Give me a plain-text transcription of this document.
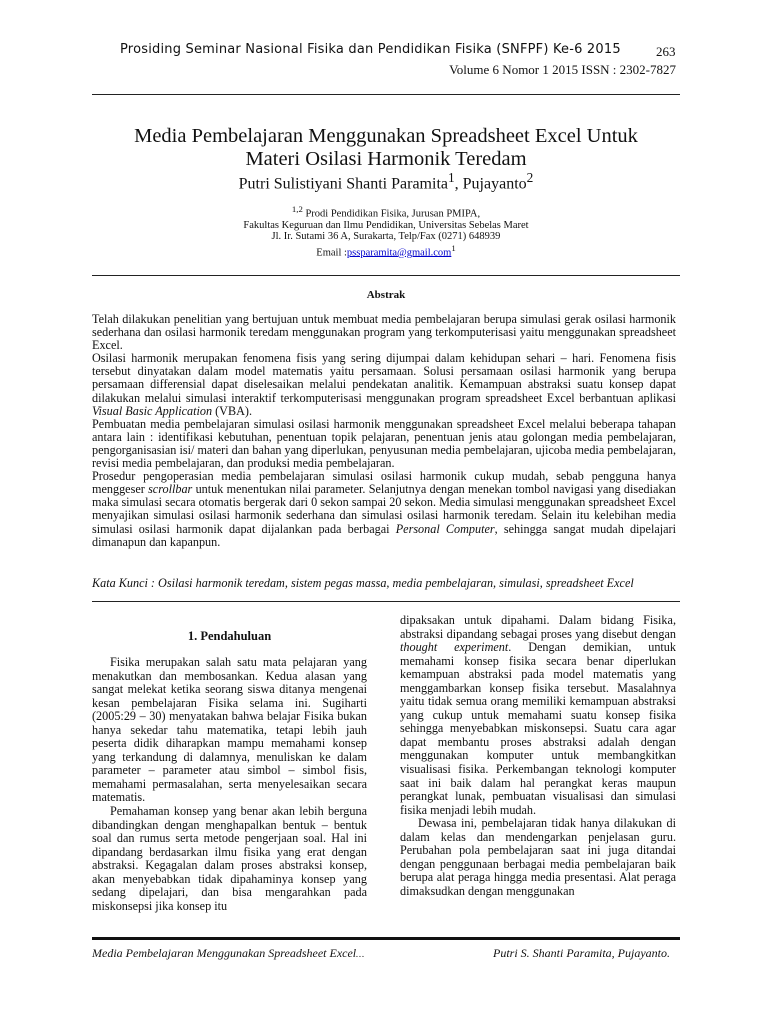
Prosiding Seminar Nasional Fisika dan Pendidikan Fisika (SNFPF) Ke-6 2015	263
Volume 6 Nomor 1 2015 ISSN : 2302-7827
Media Pembelajaran Menggunakan Spreadsheet Excel Untuk
Materi Osilasi Harmonik Teredam
Putri Sulistiyani Shanti Paramita$^1$, Pujayanto$^2$
$^{1,2}$ Prodi Pendidikan Fisika, Jurusan PMIPA,
Fakultas Keguruan dan Ilmu Pendidikan, Universitas Sebelas Maret
Jl. Ir. Sutami 36 A, Surakarta, Telp/Fax (0271) 648939
Email :pssparamita@gmail.com$^1$
Abstrak

Telah dilakukan penelitian yang bertujuan untuk membuat media pembelajaran berupa simulasi gerak osilasi harmonik sederhana dan osilasi harmonik teredam menggunakan program yang terkomputerisasi yaitu menggunakan spreadsheet Excel.

Osilasi harmonik merupakan fenomena fisis yang sering dijumpai dalam kehidupan sehari – hari. Fenomena fisis tersebut dinyatakan dalam model matematis yaitu persamaan. Solusi persamaan osilasi harmonik yang berupa persamaan differensial dapat diselesaikan melalui pendekatan analitik. Kemampuan abstraksi suatu konsep dapat dilakukan melalui simulasi interaktif terkomputerisasi menggunakan program spreadsheet Excel berbantuan aplikasi Visual Basic Application (VBA).

Pembuatan media pembelajaran simulasi osilasi harmonik menggunakan spreadsheet Excel melalui beberapa tahapan antara lain : identifikasi kebutuhan, penentuan topik pelajaran, penentuan jenis atau golongan media pembelajaran, pengorganisasian isi/ materi dan bahan yang diperlukan, penyusunan media pembelajaran, ujicoba media pembelajaran, revisi media pembelajaran, dan produksi media pembelajaran.

Prosedur pengoperasian media pembelajaran simulasi osilasi harmonik cukup mudah, sebab pengguna hanya menggeser scrollbar untuk menentukan nilai parameter. Selanjutnya dengan menekan tombol navigasi yang disediakan maka simulasi secara otomatis bergerak dari 0 sekon sampai 20 sekon. Media simulasi menggunakan spreadsheet Excel menyajikan simulasi osilasi harmonik sederhana dan simulasi osilasi harmonik teredam. Selain itu kelebihan media simulasi osilasi harmonik dapat dijalankan pada berbagai Personal Computer, sehingga sangat mudah dipelajari dimanapun dan kapanpun.

Kata Kunci : Osilasi harmonik teredam, sistem pegas massa, media pembelajaran, simulasi, spreadsheet Excel
1. Pendahuluan

Fisika merupakan salah satu mata pelajaran yang menakutkan dan membosankan. Kedua alasan yang sangat melekat ketika seorang siswa ditanya mengenai kesan pembelajaran Fisika selama ini. Sugiharti (2005:29 – 30) menyatakan bahwa belajar Fisika bukan hanya sekedar tahu matematika, tetapi lebih jauh peserta didik diharapkan mampu memahami konsep yang terkandung di dalamnya, menuliskan ke dalam parameter – parameter atau simbol – simbol fisis, memahami permasalahan, serta menyelesaikan secara matematis.

Pemahaman konsep yang benar akan lebih berguna dibandingkan dengan menghapalkan bentuk – bentuk soal dan rumus serta metode pengerjaan soal. Hal ini dipandang berdasarkan ilmu fisika yang erat dengan abstraksi. Kegagalan dalam proses abstraksi konsep, akan menyebabkan tidak dipahaminya konsep yang sedang dipelajari, dan bisa mengarahkan pada miskonsepsi jika konsep itu

dipaksakan untuk dipahami. Dalam bidang Fisika, abstraksi dipandang sebagai proses yang disebut dengan thought experiment. Dengan demikian, untuk memahami konsep fisika secara benar diperlukan kemampuan abstraksi pada model matematis yang menggambarkan konsep fisika tersebut. Masalahnya yaitu tidak semua orang memiliki kemampuan abstraksi yang cukup untuk memahami suatu konsep fisika sehingga menyebabkan miskonsepsi. Suatu cara agar dapat membantu proses abstraksi adalah dengan menggunakan komputer untuk membangkitkan visualisasi fisika. Perkembangan teknologi komputer saat ini baik dalam hal perangkat keras maupun perangkat lunak, pembuatan visualisasi dan simulasi fisika menjadi lebih mudah.

Dewasa ini, pembelajaran tidak hanya dilakukan di dalam kelas dan mendengarkan penjelasan guru. Perubahan pola pembelajaran saat ini juga ditandai dengan penggunaan berbagai media pembelajaran baik berupa alat peraga hingga media presentasi. Alat peraga dimaksudkan dengan menggunakan

Media Pembelajaran Menggunakan Spreadsheet Excel…	Putri S. Shanti Paramita, Pujayanto.
